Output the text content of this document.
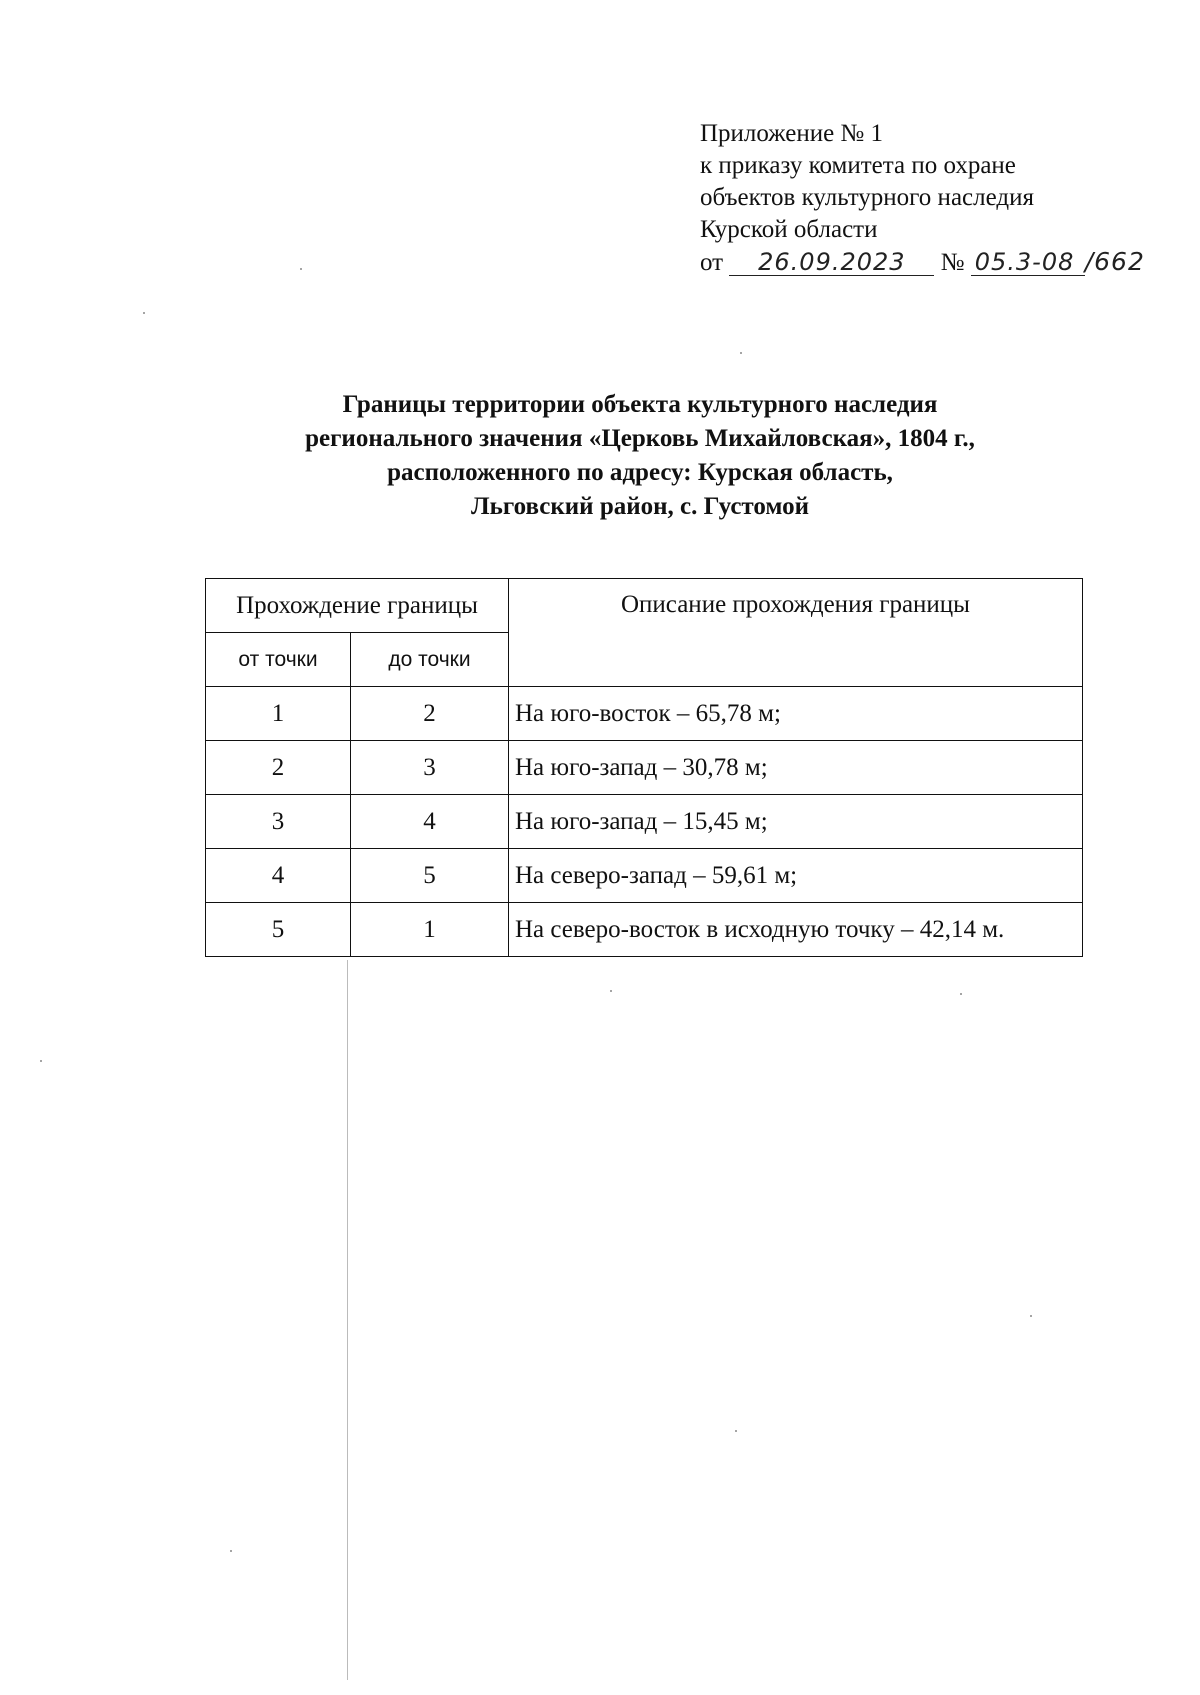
Приложение № 1
к приказу комитета по охране
объектов культурного наследия
Курской области
от 26.09.2023 № 05.3-08 /662
Границы территории объекта культурного наследия
регионального значения «Церковь Михайловская», 1804 г.,
расположенного по адресу: Курская область,
Льговский район, с. Густомой
Прохождение границы		Описание прохождения границы
от точки	до точки	
1	2	На юго-восток – 65,78 м;
2	3	На юго-запад – 30,78 м;
3	4	На юго-запад – 15,45 м;
4	5	На северо-запад – 59,61 м;
5	1	На северо-восток в исходную точку – 42,14 м.
